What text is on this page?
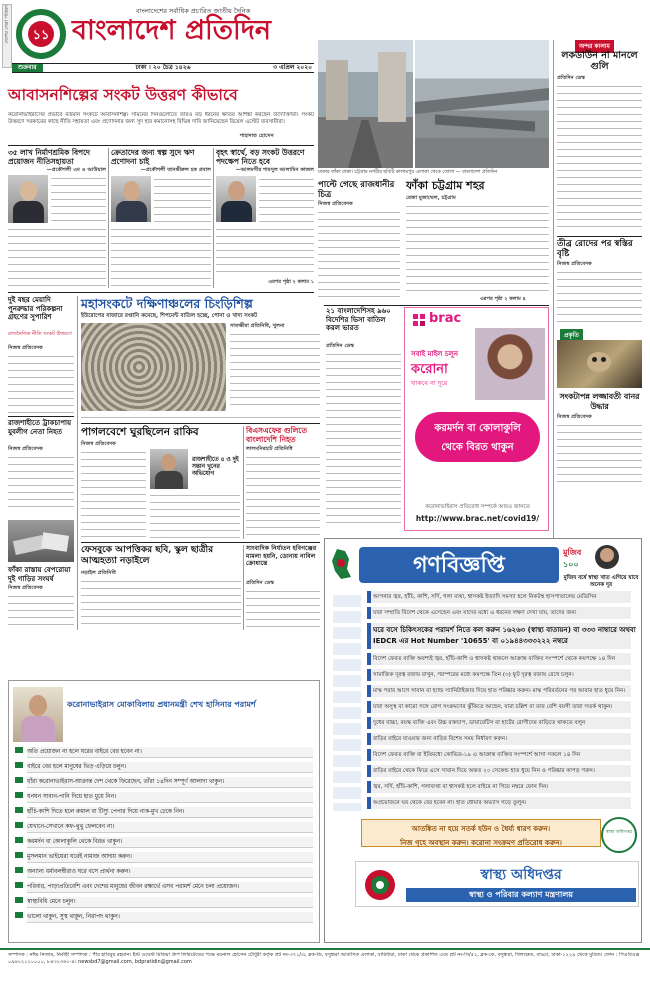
দেশের সেরা পত্রিকা ১১
বাংলাদেশের সর্বাধিক প্রচারিত জাতীয় দৈনিক
বাংলাদেশ প্রতিদিন
শুক্রবার	ঢাকা । ২০ চৈত্র ১৪২৬	৩ এপ্রিল ২০২০
আবাসনশিল্পের সংকট উত্তরণ কীভাবে
করোনাভাইরাসের প্রভাবে বর্তমান সংকটে আবাসনশিল্প। সামনের দিনগুলোতে তারও বড় ধরনের ক্ষতির আশঙ্কা করছেন উদ্যোক্তারা। সংকট উত্তরণে সরকারের কাছে নীতি সহায়তা এবং প্রণোদনার জন্য সুদ হার কমানোসহ বিভিন্ন দাবি জানিয়েছেন রিয়েল এস্টেট ব্যবসায়ীরা।
শাহাদাত হোসেন
৩৫ লাখ নির্মাণশ্রমিক বিপদে প্রয়োজন নীতিসহায়তা
—প্রকৌশলী এম এ আউয়াল
ক্রেতাদের জন্য স্বল্প সুদে ঋণ প্রণোদনা চাই
—প্রকৌশলী তানভীরুল হক প্রবাল
বৃহৎ স্বার্থে, বড় সংকট উত্তরণে পদক্ষেপ নিতে হবে
—আলমগীর শামসুল আলামিন কাজল
এরপর পৃষ্ঠা ২ কলাম ১
ঢাকার ফাঁকা রাস্তা। চট্টগ্রাম নগরীর ছবিটি কালামপুর এলাকা থেকে তোলা — বাংলাদেশ প্রতিদিন
পাল্টে গেছে রাজধানীর চিত্র
নিজস্ব প্রতিবেদক
ফাঁকা চট্টগ্রাম শহর
রেজা মুজাম্মেল, চট্টগ্রাম
এরপর পৃষ্ঠা ২ কলাম ৪
অন্দর কালাম
লকডাউন না মানলে গুলি
প্রতিদিন ডেস্ক
তীব্র রোদের পর স্বস্তির বৃষ্টি
নিজস্ব প্রতিবেদক
প্রকৃতি
সংকটাপন্ন লজ্জাবতী বানর উদ্ধার
নিজস্ব প্রতিবেদক
দুই বছর মেয়াদি পুনরুদ্ধার পরিকল্পনা গ্রহণের সুপারিশ
রাজনৈতিক নীতি সংকট উত্তরণে
নিজস্ব প্রতিবেদক
রাজশাহীতে ট্রাকচাপায় যুবলীগ নেতা নিহত
নিজস্ব প্রতিবেদক
ফাঁকা রাস্তায় বেপরোয়া দুই গাড়ির সংঘর্ষ
নিজস্ব প্রতিবেদক
মহাসংকটে দক্ষিণাঞ্চলের চিংড়িশিল্প
ইউরোপের বাজারে রপ্তানি কমেছে, শিপমেন্ট বাতিল হচ্ছে, পোনা ও খাদ্য সংকট
সাতক্ষীরা প্রতিনিধি, খুলনা
পাগলবেশে ঘুরছিলেন রাকিব
নিজস্ব প্রতিবেদক
রাজশাহীতে ৪ ও দুই সন্তান খুনের অভিযোগ
বিএসএফের গুলিতে বাংলাদেশি নিহত
লালমনিরহাট প্রতিনিধি
ফেসবুকে আপত্তিকর ছবি, স্কুল ছাত্রীর আত্মহত্যা নড়াইলে
নড়াইল প্রতিনিধি
সাংবাদিক নির্যাতন হবিগঞ্জের মামলা হয়নি, ডোনায় নাবিল ক্রোধান্তে
প্রতিদিন ডেস্ক
২১ বাংলাদেশিসহ ৯৬০ বিদেশির ভিসা বাতিল করল ভারত
প্রতিদিন ডেস্ক
brac
সবাই মাইল চলুন
করোনা
থাকবে না দূরে
করমর্দন বা কোলাকুলি
থেকে বিরত থাকুন
করোনাভাইরাস প্রতিরোধ সম্পর্কে আরও জানতে
http://www.brac.net/covid19/
গণবিজ্ঞপ্তি	মুজিব
১০০
মুজিব বর্ষে স্বাস্থ্য খাত এগিয়ে যাবে অনেক দূর
আপনার জ্বর, হাঁচি, কাশি, সর্দি, গলা ব্যথা, শ্বাসকষ্ট ইত্যাদি সমস্যা হলে নিকটস্থ হাসপাতালের মেডিসিন
যারা সম্প্রতি বিদেশ থেকে এসেছেন এবং যাদের মধ্যে এ ধরনের লক্ষণ দেখা যায়, তাদের জন্য
ঘরে বসে চিকিৎসকের পরামর্শ নিতে কল করুন ১৬২৬৩ (স্বাস্থ্য বাতায়ন) বা ৩৩৩ নাম্বারে অথবা IEDCR এর Hot Number '10655' বা ০১৯৪৪৩৩৩২২২ নম্বরে
বিদেশ ফেরত ব্যক্তি অবশ্যই জ্বর, হাঁচি-কাশি ও শ্বাসকষ্ট থাকলে আক্রান্ত ব্যক্তির সংস্পর্শে থেকে কমপক্ষে ১৪ দিন
সামাজিক দূরত্ব বজায় রাখুন, পরস্পরের মধ্যে কমপক্ষে তিন (৩) ফুট দূরত্ব বজায় রেখে চলুন।
মাস্ক পরার আগে সাবান বা হ্যান্ড স্যানিটাইজার দিয়ে হাত পরিষ্কার করুন। মাস্ক পরিবর্তনের পর আবার হাত ধুয়ে নিন।
যারা অসুস্থ বা কারো সঙ্গে রোগ সংক্রমণের ঝুঁকিতে আছেন, যারা চল্লিশ বা তার বেশি বয়সী তারা সতর্ক থাকুন।
দুধের বাচ্চা, বয়স্ক ব্যক্তি এবং উচ্চ রক্তচাপ, ডায়াবেটিস বা হার্টের রোগীদের বাড়িতে থাকতে বলুন
বাড়ির বাইরে যাওয়ার জন্য বাড়ির বিশেষ সময় নির্ধারণ করুন।
বিদেশ ফেরত ব্যক্তি বা ইতিমধ্যে কোভিড-১৯ এ আক্রান্ত ব্যক্তির সংস্পর্শে আসা সকলে ১৪ দিন
বাড়ির বাইরে থেকে ফিরে এসে সাবান দিয়ে অন্তত ২০ সেকেন্ড হাত ধুয়ে নিন ও পরিষ্কার কাপড় পরুন।
জ্বর, সর্দি, হাঁচি-কাশি, গলাব্যথা বা শ্বাসকষ্ট হলে বাইরে না গিয়ে নম্বরে ফোন দিন।
অপ্রয়োজনে ঘর থেকে বের হবেন না। হাত ধোয়ার অভ্যাস গড়ে তুলুন।
আতঙ্কিত না হয়ে সতর্ক হউন ও ধৈর্য্য ধারণ করুন।
নিজ গৃহে অবস্থান করুন। করোনা সংক্রমণ প্রতিরোধ করুন।
স্বাস্থ্য অধিদপ্তর
স্বাস্থ্য অধিদপ্তর
স্বাস্থ্য ও পরিবার কল্যাণ মন্ত্রণালয়
করোনাভাইরাস মোকাবিলায় প্রধানমন্ত্রী শেখ হাসিনার পরামর্শ
অতি প্রয়োজন না হলে ঘরের বাইরে বের হবেন না।
বাইরে বের হলে মানুষের ভিড় এড়িয়ে চলুন।
যাঁরা করোনাভাইরাস-আক্রান্ত দেশ থেকে ফিরেছেন, তাঁরা ১৪দিন সম্পূর্ণ আলাদা থাকুন।
ঘনঘন সাবান-পানি দিয়ে হাত ধুয়ে নিন।
হাঁচি-কাশি দিতে হলে রুমাল বা টিস্যু পেপার দিয়ে নাক-মুখ ঢেকে নিন।
যেখানে-সেখানে কফ-থুথু ফেলবেন না।
করমর্দন বা কোলাকুলি থেকে বিরত থাকুন।
মুসলমান ভাইয়েরা ঘরেই নামাজ আদায় করুন।
অন্যান্য ধর্মাবলম্বীরাও ঘরে বসে প্রার্থনা করুন।
পরিবার, পাড়াপ্রতিবেশি এবং দেশের মানুষের জীবন রক্ষার্থে এসব পরামর্শ মেনে চলা প্রয়োজন।
স্বাস্থ্যবিধি মেনে চলুন।
ভালো থাকুন, সুস্থ থাকুন, নিরাপদ থাকুন।
সম্পাদক : নঈম নিজাম, নির্বাহী সম্পাদক : পীর হাবিবুর রহমান। ইস্ট ওয়েস্ট মিডিয়া গ্রুপ লিমিটেডের পক্ষে ময়নাল হোসেন চৌধুরী কর্তৃক প্লট নং-৩৭১/এ, ব্লক-ডি, বসুন্ধরা আবাসিক এলাকা, বারিধারা, ঢাকা থেকে প্রকাশিত এবং প্লট নং-সি/৫২, ব্লক-কে, বসুন্ধরা, খিলক্ষেত, বাড্ডা, ঢাকা-১২২৯ থেকে মুদ্রিত। ফোন : পিএবিএক্স ০৯৬১২১২০০০০, ৮৪৩২৩৬১-৪। newsbd7@gmail.com, bdpratidin@gmail.com
